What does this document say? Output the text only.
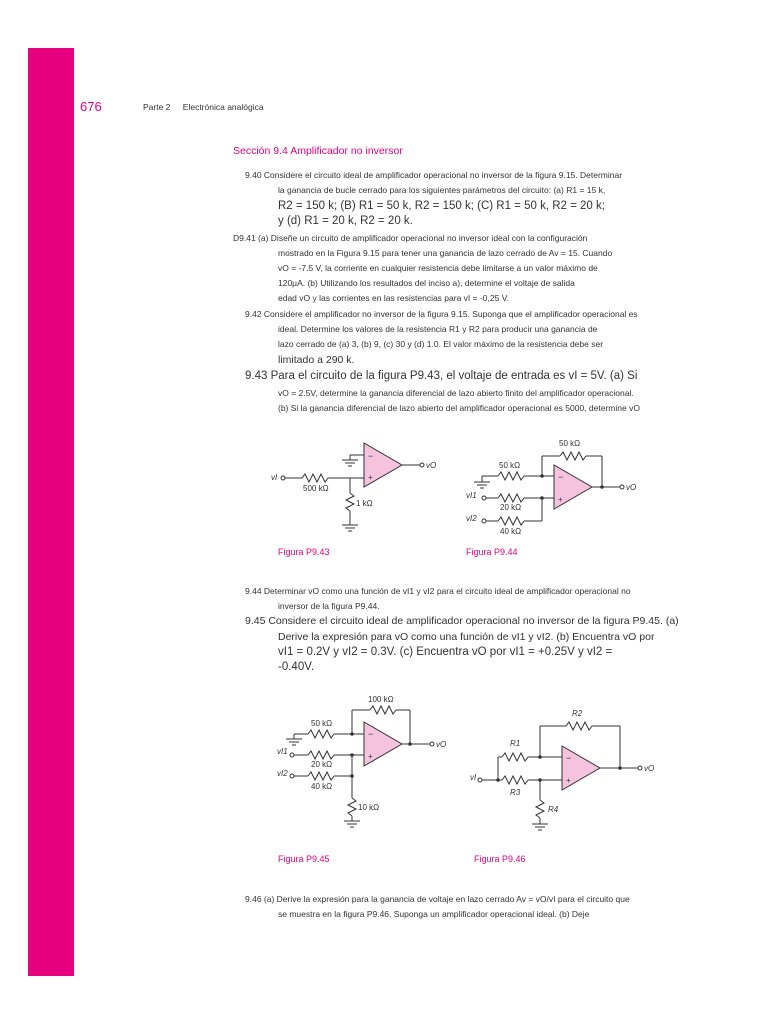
676	Parte 2 Electrónica analógica
Sección 9.4 Amplificador no inversor
9.40 Considere el circuito ideal de amplificador operacional no inversor de la figura 9.15. Determinar
la ganancia de bucle cerrado para los siguientes parámetros del circuito: (a) R1 = 15 k,
R2 = 150 k; (B) R1 = 50 k, R2 = 150 k; (C) R1 = 50 k, R2 = 20 k;
y (d) R1 = 20 k, R2 = 20 k.
D9.41 (a) Diseñe un circuito de amplificador operacional no inversor ideal con la configuración
mostrado en la Figura 9.15 para tener una ganancia de lazo cerrado de Av = 15. Cuando
vO = -7.5 V, la corriente en cualquier resistencia debe limitarse a un valor máximo de
120μA. (b) Utilizando los resultados del inciso a), determine el voltaje de salida
edad vO y las corrientes en las resistencias para vI = -0,25 V.
9.42 Considere el amplificador no inversor de la figura 9.15. Suponga que el amplificador operacional es
ideal. Determine los valores de la resistencia R1 y R2 para producir una ganancia de
lazo cerrado de (a) 3, (b) 9, (c) 30 y (d) 1.0. El valor máximo de la resistencia debe ser
limitado a 290 k.
9.43 Para el circuito de la figura P9.43, el voltaje de entrada es vI = 5V. (a) Si
vO = 2.5V, determine la ganancia diferencial de lazo abierto finito del amplificador operacional.
(b) Si la ganancia diferencial de lazo abierto del amplificador operacional es 5000, determine vO
−
+
vI
vO
500 kΩ
1 kΩ
Figura P9.43
−
+
vI1
vI2
vO
50 kΩ
50 kΩ
20 kΩ
40 kΩ
Figura P9.44
9.44 Determinar vO como una función de vI1 y vI2 para el circuito ideal de amplificador operacional no
inversor de la figura P9.44.
9.45 Considere el circuito ideal de amplificador operacional no inversor de la figura P9.45. (a)
Derive la expresión para vO como una función de vI1 y vI2. (b) Encuentra vO por
vI1 = 0.2V y vI2 = 0.3V. (c) Encuentra vO por vI1 = +0.25V y vI2 =
-0.40V.
−
+
vI1
vI2
vO
100 kΩ
50 kΩ
20 kΩ
40 kΩ
10 kΩ
Figura P9.45
−
+
vI
vO
R2
R1
R3
R4
Figura P9.46
9.46 (a) Derive la expresión para la ganancia de voltaje en lazo cerrado Av = vO/vI para el circuito que
se muestra en la figura P9.46. Suponga un amplificador operacional ideal. (b) Deje
